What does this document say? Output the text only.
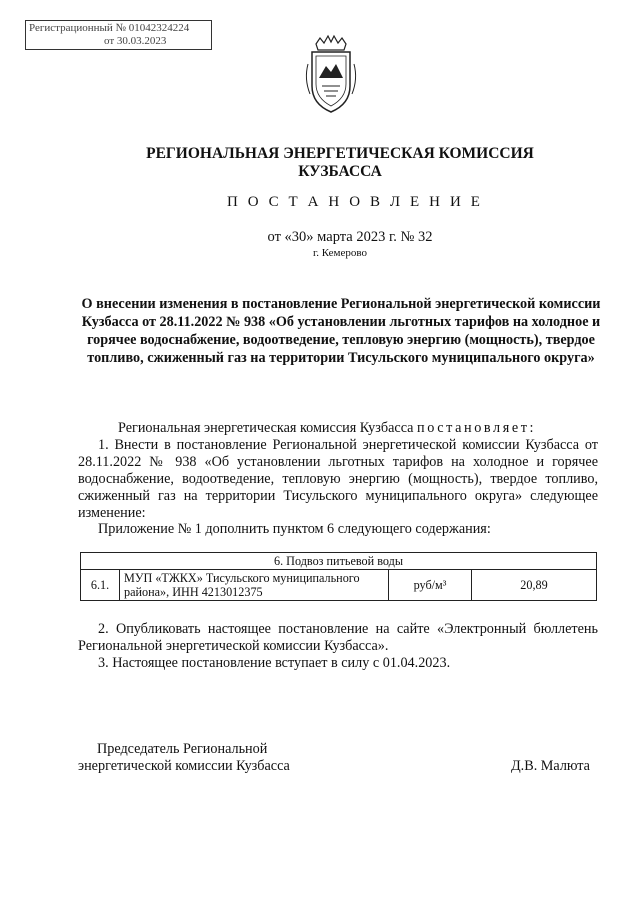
Регистрационный № 01042324224
от 30.03.2023
РЕГИОНАЛЬНАЯ ЭНЕРГЕТИЧЕСКАЯ КОМИССИЯ
КУЗБАССА
П О С Т А Н О В Л Е Н И Е
от «30» марта 2023 г. № 32
г. Кемерово
О внесении изменения в постановление Региональной энергетической комиссии Кузбасса от 28.11.2022 № 938 «Об установлении льготных тарифов на холодное и горячее водоснабжение, водоотведение, тепловую энергию (мощность), твердое топливо, сжиженный газ на территории Тисульского муниципального округа»
Региональная энергетическая комиссия Кузбасса постановляет:
1. Внести в постановление Региональной энергетической комиссии Кузбасса от 28.11.2022 № 938 «Об установлении льготных тарифов на холодное и горячее водоснабжение, водоотведение, тепловую энергию (мощность), твердое топливо, сжиженный газ на территории Тисульского муниципального округа» следующее изменение:
Приложение № 1 дополнить пунктом 6 следующего содержания:
6. Подвоз питьевой воды
6.1.	МУП «ТЖКХ» Тисульского муниципального района», ИНН 4213012375	руб/м³	20,89
2. Опубликовать настоящее постановление на сайте «Электронный бюллетень Региональной энергетической комиссии Кузбасса».
3. Настоящее постановление вступает в силу с 01.04.2023.
Председатель Региональной
энергетической комиссии Кузбасса	Д.В. Малюта
